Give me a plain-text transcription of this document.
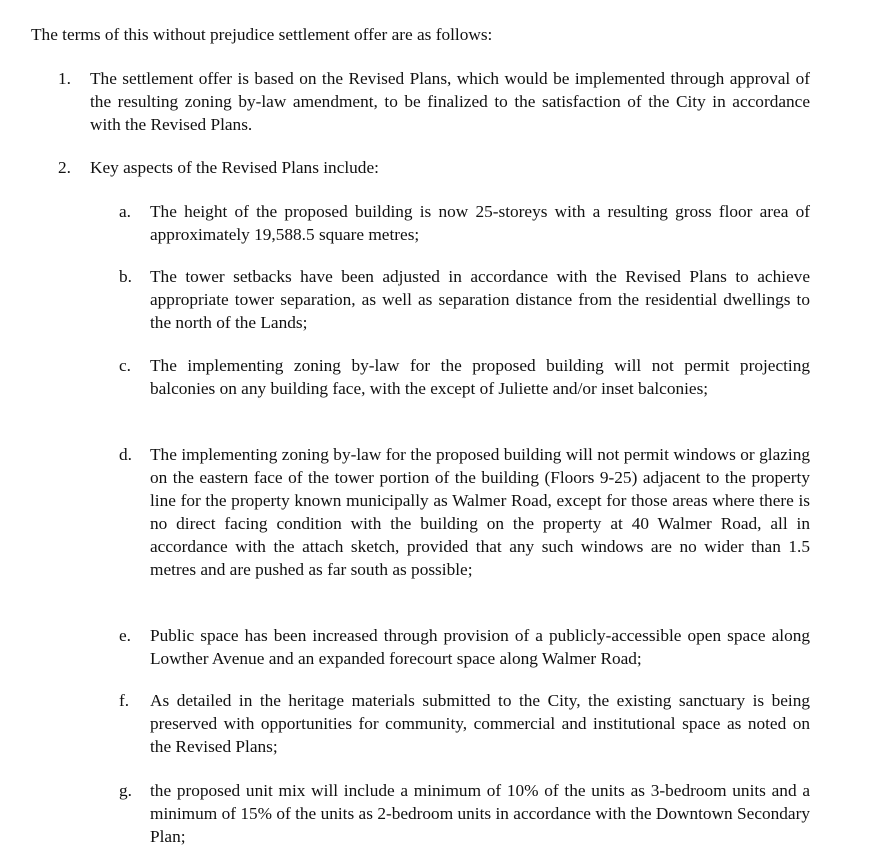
The terms of this without prejudice settlement offer are as follows:

1. The settlement offer is based on the Revised Plans, which would be implemented through approval of the resulting zoning by-law amendment, to be finalized to the satisfaction of the City in accordance with the Revised Plans.

2. Key aspects of the Revised Plans include:

a. The height of the proposed building is now 25-storeys with a resulting gross floor area of approximately 19,588.5 square metres;

b. The tower setbacks have been adjusted in accordance with the Revised Plans to achieve appropriate tower separation, as well as separation distance from the residential dwellings to the north of the Lands;

c. The implementing zoning by-law for the proposed building will not permit projecting balconies on any building face, with the except of Juliette and/or inset balconies;

d. The implementing zoning by-law for the proposed building will not permit windows or glazing on the eastern face of the tower portion of the building (Floors 9-25) adjacent to the property line for the property known municipally as Walmer Road, except for those areas where there is no direct facing condition with the building on the property at 40 Walmer Road, all in accordance with the attach sketch, provided that any such windows are no wider than 1.5 metres and are pushed as far south as possible;

e. Public space has been increased through provision of a publicly-accessible open space along Lowther Avenue and an expanded forecourt space along Walmer Road;

f. As detailed in the heritage materials submitted to the City, the existing sanctuary is being preserved with opportunities for community, commercial and institutional space as noted on the Revised Plans;

g. the proposed unit mix will include a minimum of 10% of the units as 3-bedroom units and a minimum of 15% of the units as 2-bedroom units in accordance with the Downtown Secondary Plan;
